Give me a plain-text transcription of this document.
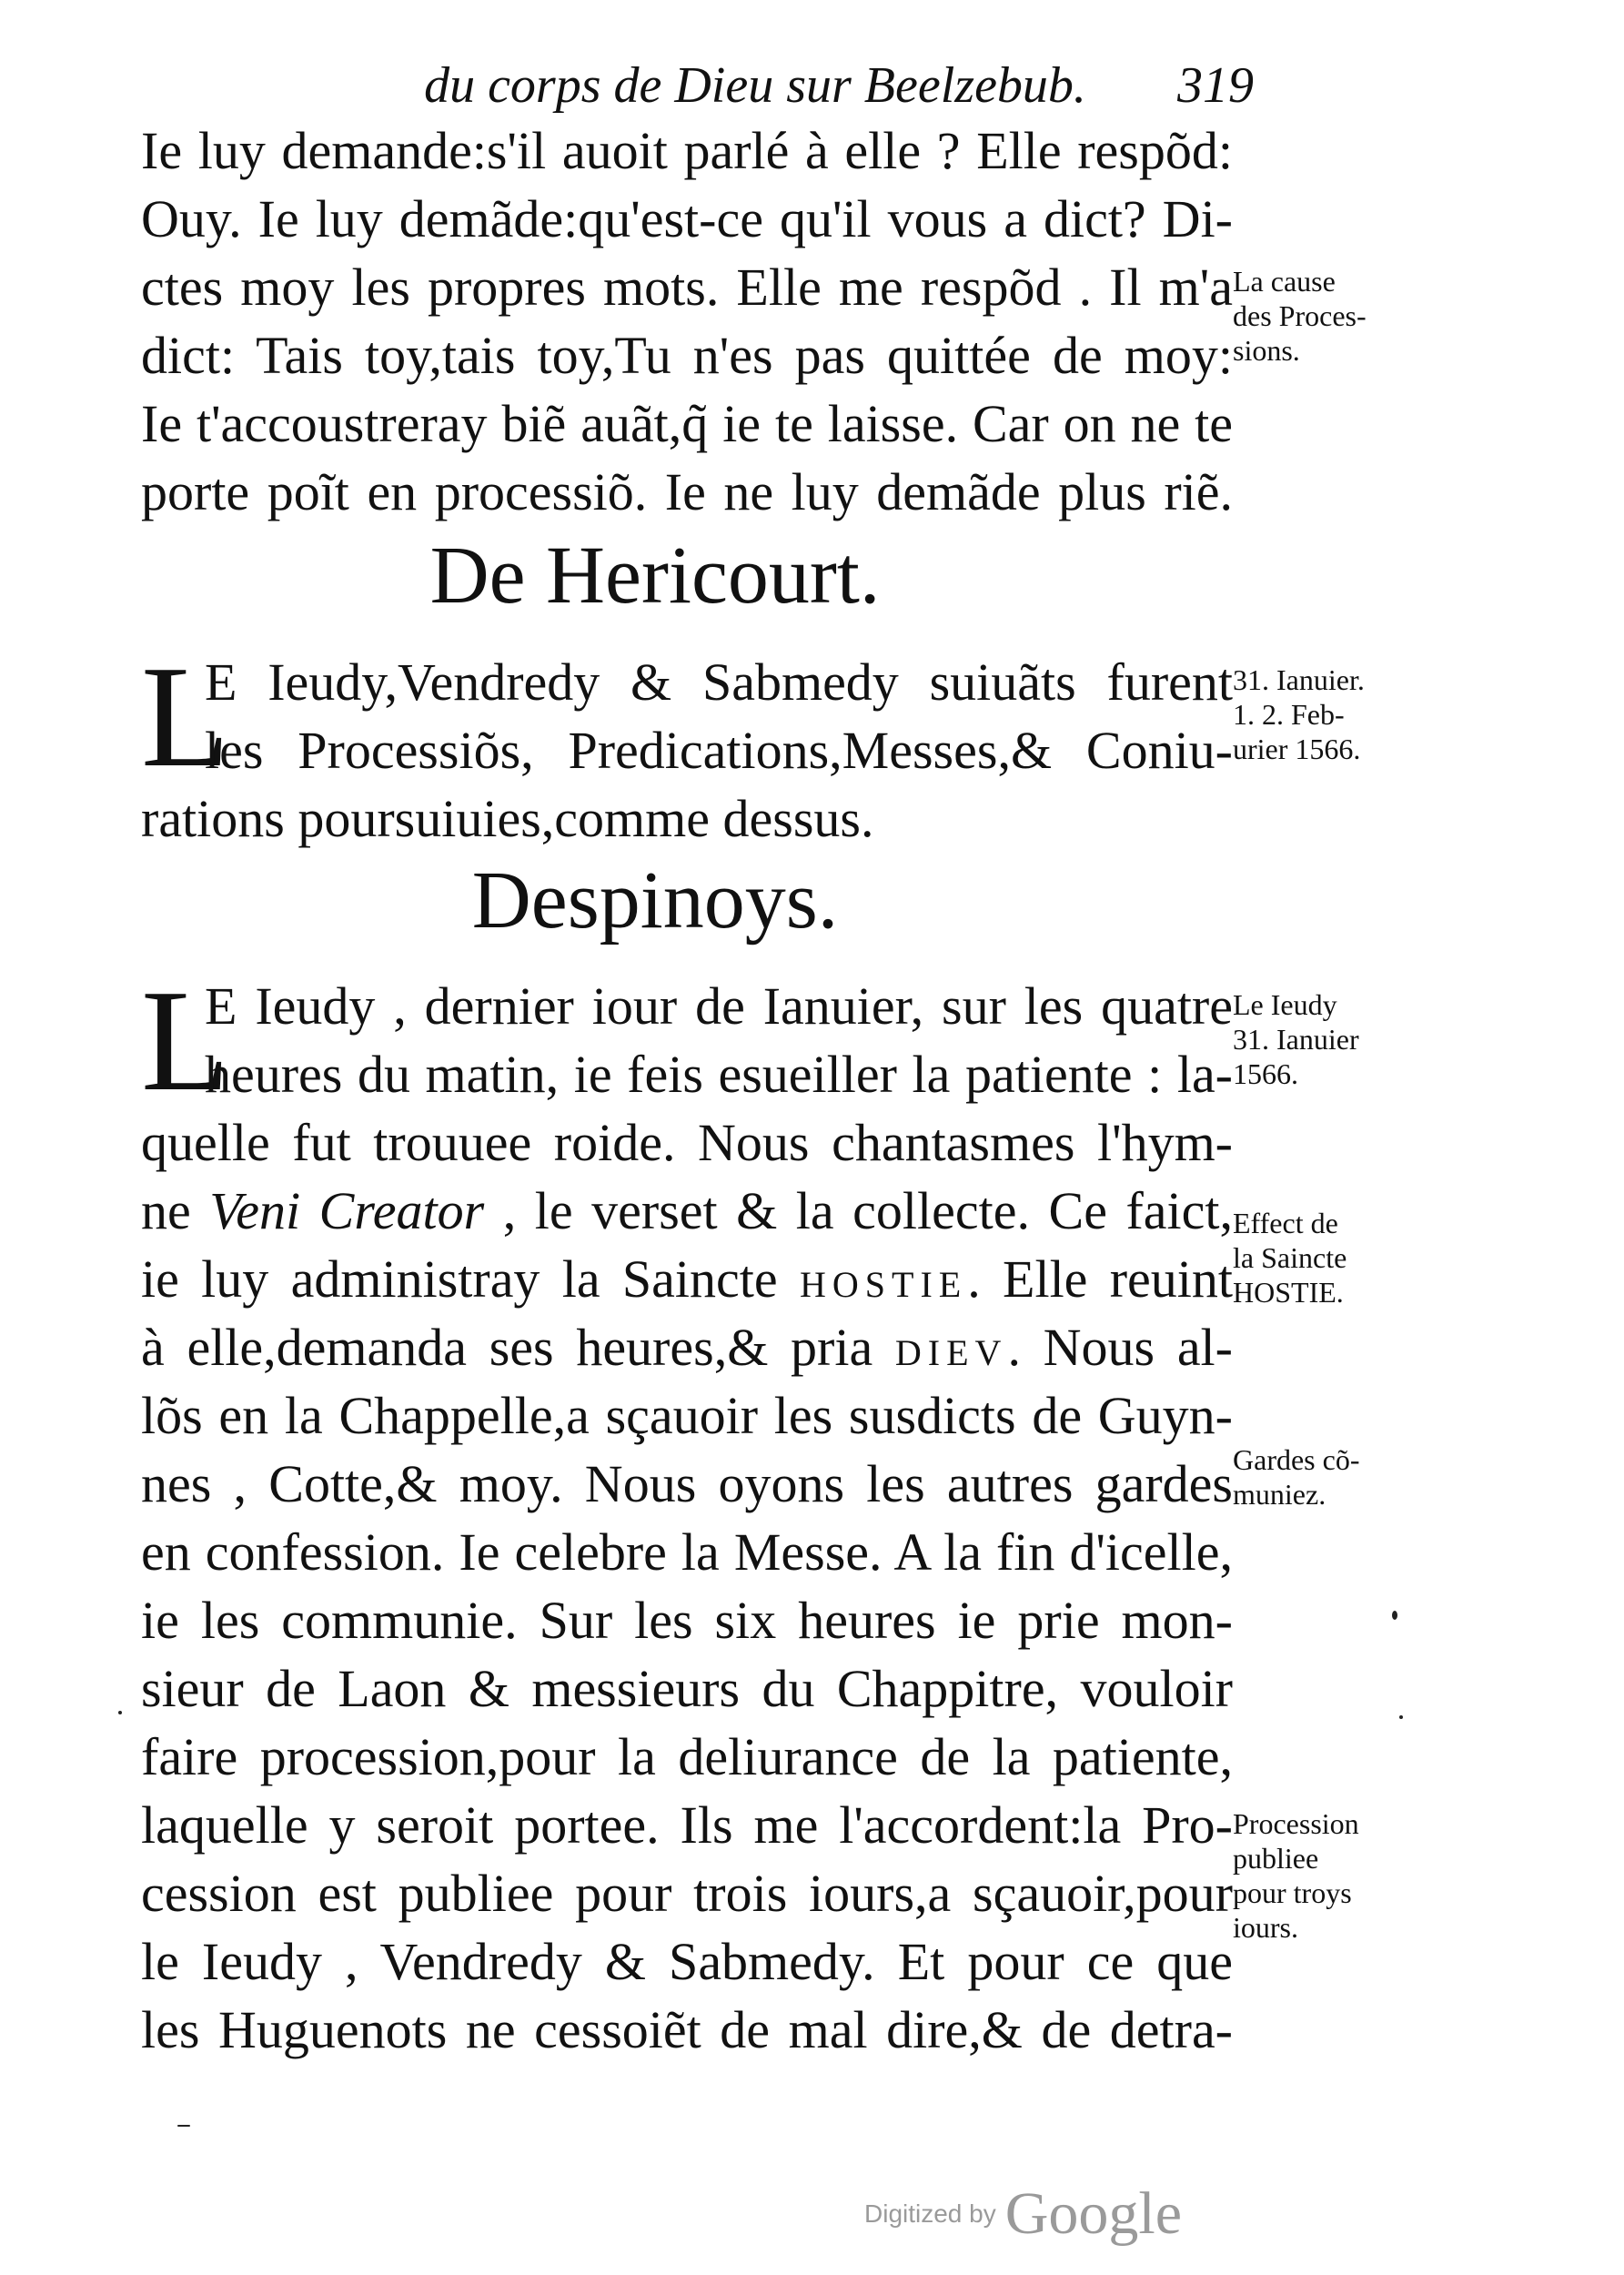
du corps de Dieu sur Beelzebub.	319
Ie luy demande:s'il auoit parlé à elle ? Elle respõd:
Ouy. Ie luy demãde:qu'est-ce qu'il vous a dict? Di-
ctes moy les propres mots. Elle me respõd . Il m'a
dict: Tais toy,tais toy,Tu n'es pas quittée de moy:
Ie t'accoustreray biẽ auãt,q̃ ie te laisse. Car on ne te
porte poĩt en processiõ. Ie ne luy demãde plus riẽ.
De Hericourt.
L
E Ieudy,Vendredy & Sabmedy suiuãts furent
les Processiõs, Predications,Messes,& Coniu-
rations poursuiuies,comme dessus.
Despinoys.
L
E Ieudy , dernier iour de Ianuier, sur les quatre
heures du matin, ie feis esueiller la patiente : la-
quelle fut trouuee roide. Nous chantasmes l'hym-
ne Veni Creator , le verset & la collecte. Ce faict,
ie luy administray la Saincte HOSTIE. Elle reuint
à elle,demanda ses heures,& pria DIEV. Nous al-
lõs en la Chappelle,a sçauoir les susdicts de Guyn-
nes , Cotte,& moy. Nous oyons les autres gardes
en confession. Ie celebre la Messe. A la fin d'icelle,
ie les communie. Sur les six heures ie prie mon-
sieur de Laon & messieurs du Chappitre, vouloir
faire procession,pour la deliurance de la patiente,
laquelle y seroit portee. Ils me l'accordent:la Pro-
cession est publiee pour trois iours,a sçauoir,pour
le Ieudy , Vendredy & Sabmedy. Et pour ce que
les Huguenots ne cessoiẽt de mal dire,& de detra-
La cause
des Proces-
sions.
31. Ianuier.
1. 2. Feb-
urier 1566.
Le Ieudy
31. Ianuier
1566.
Effect de
la Saincte
HOSTIE.
Gardes cõ-
muniez.
Procession
publiee
pour troys
iours.
Digitized by Google
